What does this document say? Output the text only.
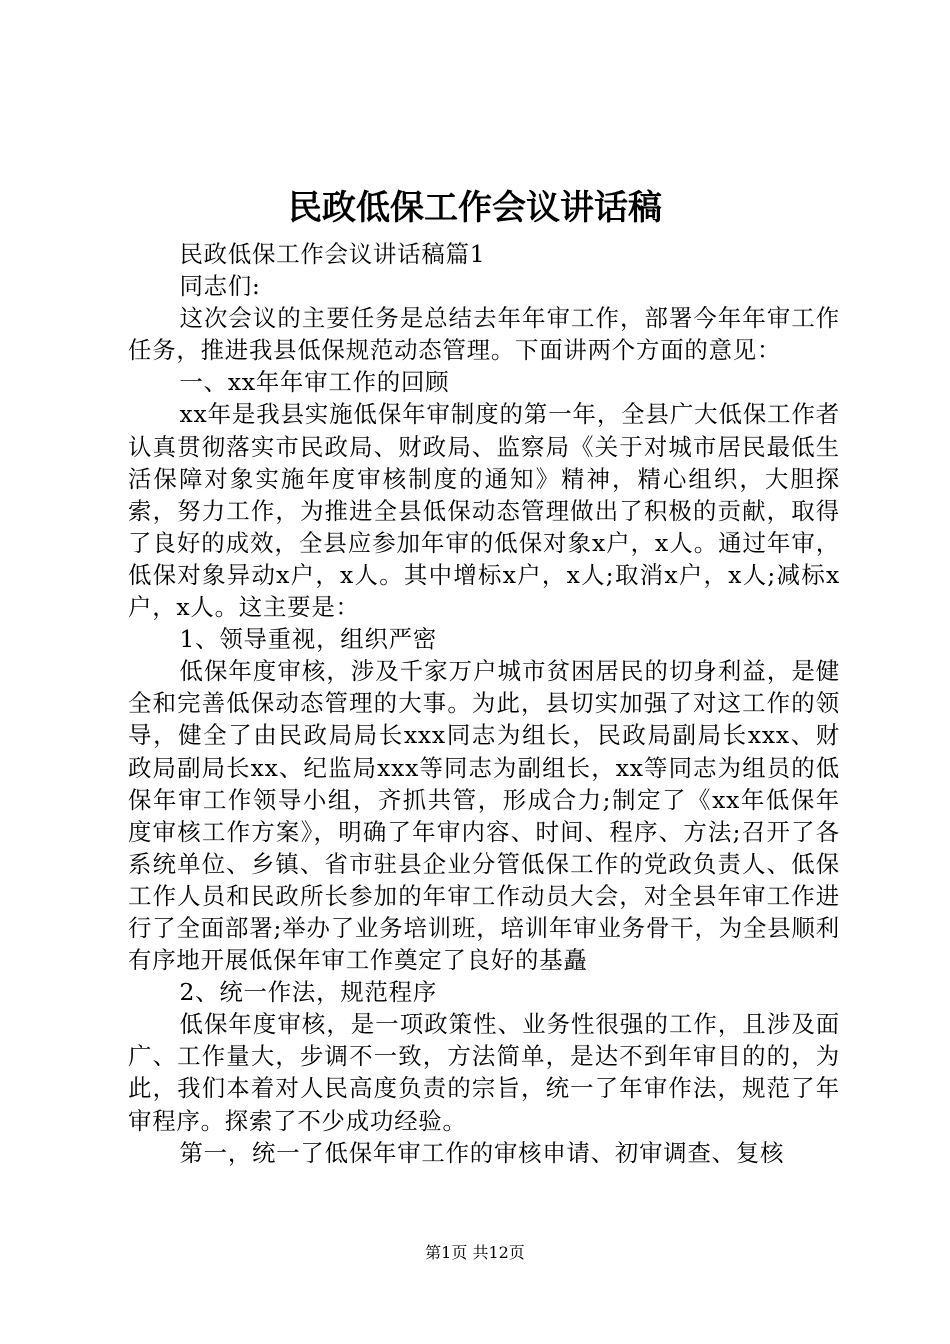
民政低保工作会议讲话稿

民政低保工作会议讲话稿篇1

同志们:

这次会议的主要任务是总结去年年审工作，部署今年年审工作任务，推进我县低保规范动态管理。下面讲两个方面的意见：

一、xx年年审工作的回顾

xx年是我县实施低保年审制度的第一年，全县广大低保工作者认真贯彻落实市民政局、财政局、监察局《关于对城市居民最低生活保障对象实施年度审核制度的通知》精神，精心组织，大胆探索，努力工作，为推进全县低保动态管理做出了积极的贡献，取得了良好的成效，全县应参加年审的低保对象x户，x人。通过年审，低保对象异动x户，x人。其中增标x户，x人;取消x户，x人;减标x户，x人。这主要是：

1、领导重视，组织严密

低保年度审核，涉及千家万户城市贫困居民的切身利益，是健全和完善低保动态管理的大事。为此，县切实加强了对这工作的领导，健全了由民政局局长xxx同志为组长，民政局副局长xxx、财政局副局长xx、纪监局xxx等同志为副组长，xx等同志为组员的低保年审工作领导小组，齐抓共管，形成合力;制定了《xx年低保年度审核工作方案》，明确了年审内容、时间、程序、方法;召开了各系统单位、乡镇、省市驻县企业分管低保工作的党政负责人、低保工作人员和民政所长参加的年审工作动员大会，对全县年审工作进行了全面部署;举办了业务培训班，培训年审业务骨干，为全县顺利有序地开展低保年审工作奠定了良好的基矗

2、统一作法，规范程序

低保年度审核，是一项政策性、业务性很强的工作，且涉及面广、工作量大，步调不一致，方法简单，是达不到年审目的的，为此，我们本着对人民高度负责的宗旨，统一了年审作法，规范了年审程序。探索了不少成功经验。

第一，统一了低保年审工作的审核申请、初审调查、复核

第1页 共12页
